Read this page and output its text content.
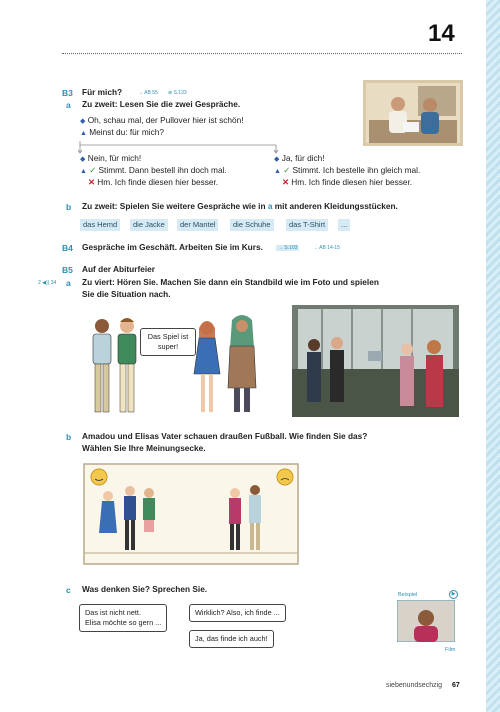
14
B3 Für mich?	→ AB 55 ⊕ S.133
a Zu zweit: Lesen Sie die zwei Gespräche.
◆ Oh, schau mal, der Pullover hier ist schön!
▲ Meinst du: für mich?
◆ Nein, für mich!
▲ ✓ Stimmt. Dann bestell ihn doch mal.
✕ Hm. Ich finde diesen hier besser.
◆ Ja, für dich!
▲ ✓ Stimmt. Ich bestelle ihn gleich mal.
✕ Hm. Ich finde diesen hier besser.
b Zu zweit: Spielen Sie weitere Gespräche wie in a mit anderen Kleidungsstücken.
das Hemd	die Jacke	der Mantel	die Schuhe	das T-Shirt	...
B4 Gespräche im Geschäft. Arbeiten Sie im Kurs.	→ S.103	→ AB 14-15
B5 Auf der Abiturfeier
2 ◀)) 34 a Zu viert: Hören Sie. Machen Sie dann ein Standbild wie im Foto und spielen
Sie die Situation nach.
Das Spiel ist super!
b Amadou und Elisas Vater schauen draußen Fußball. Wie finden Sie das?
Wählen Sie Ihre Meinungsecke.
c Was denken Sie? Sprechen Sie.
Das ist nicht nett.
Elisa möchte so gern ...
Wirklich? Also, ich finde ...
Ja, das finde ich auch!
Beispiel	▶
Film
siebenundsechzig 67
